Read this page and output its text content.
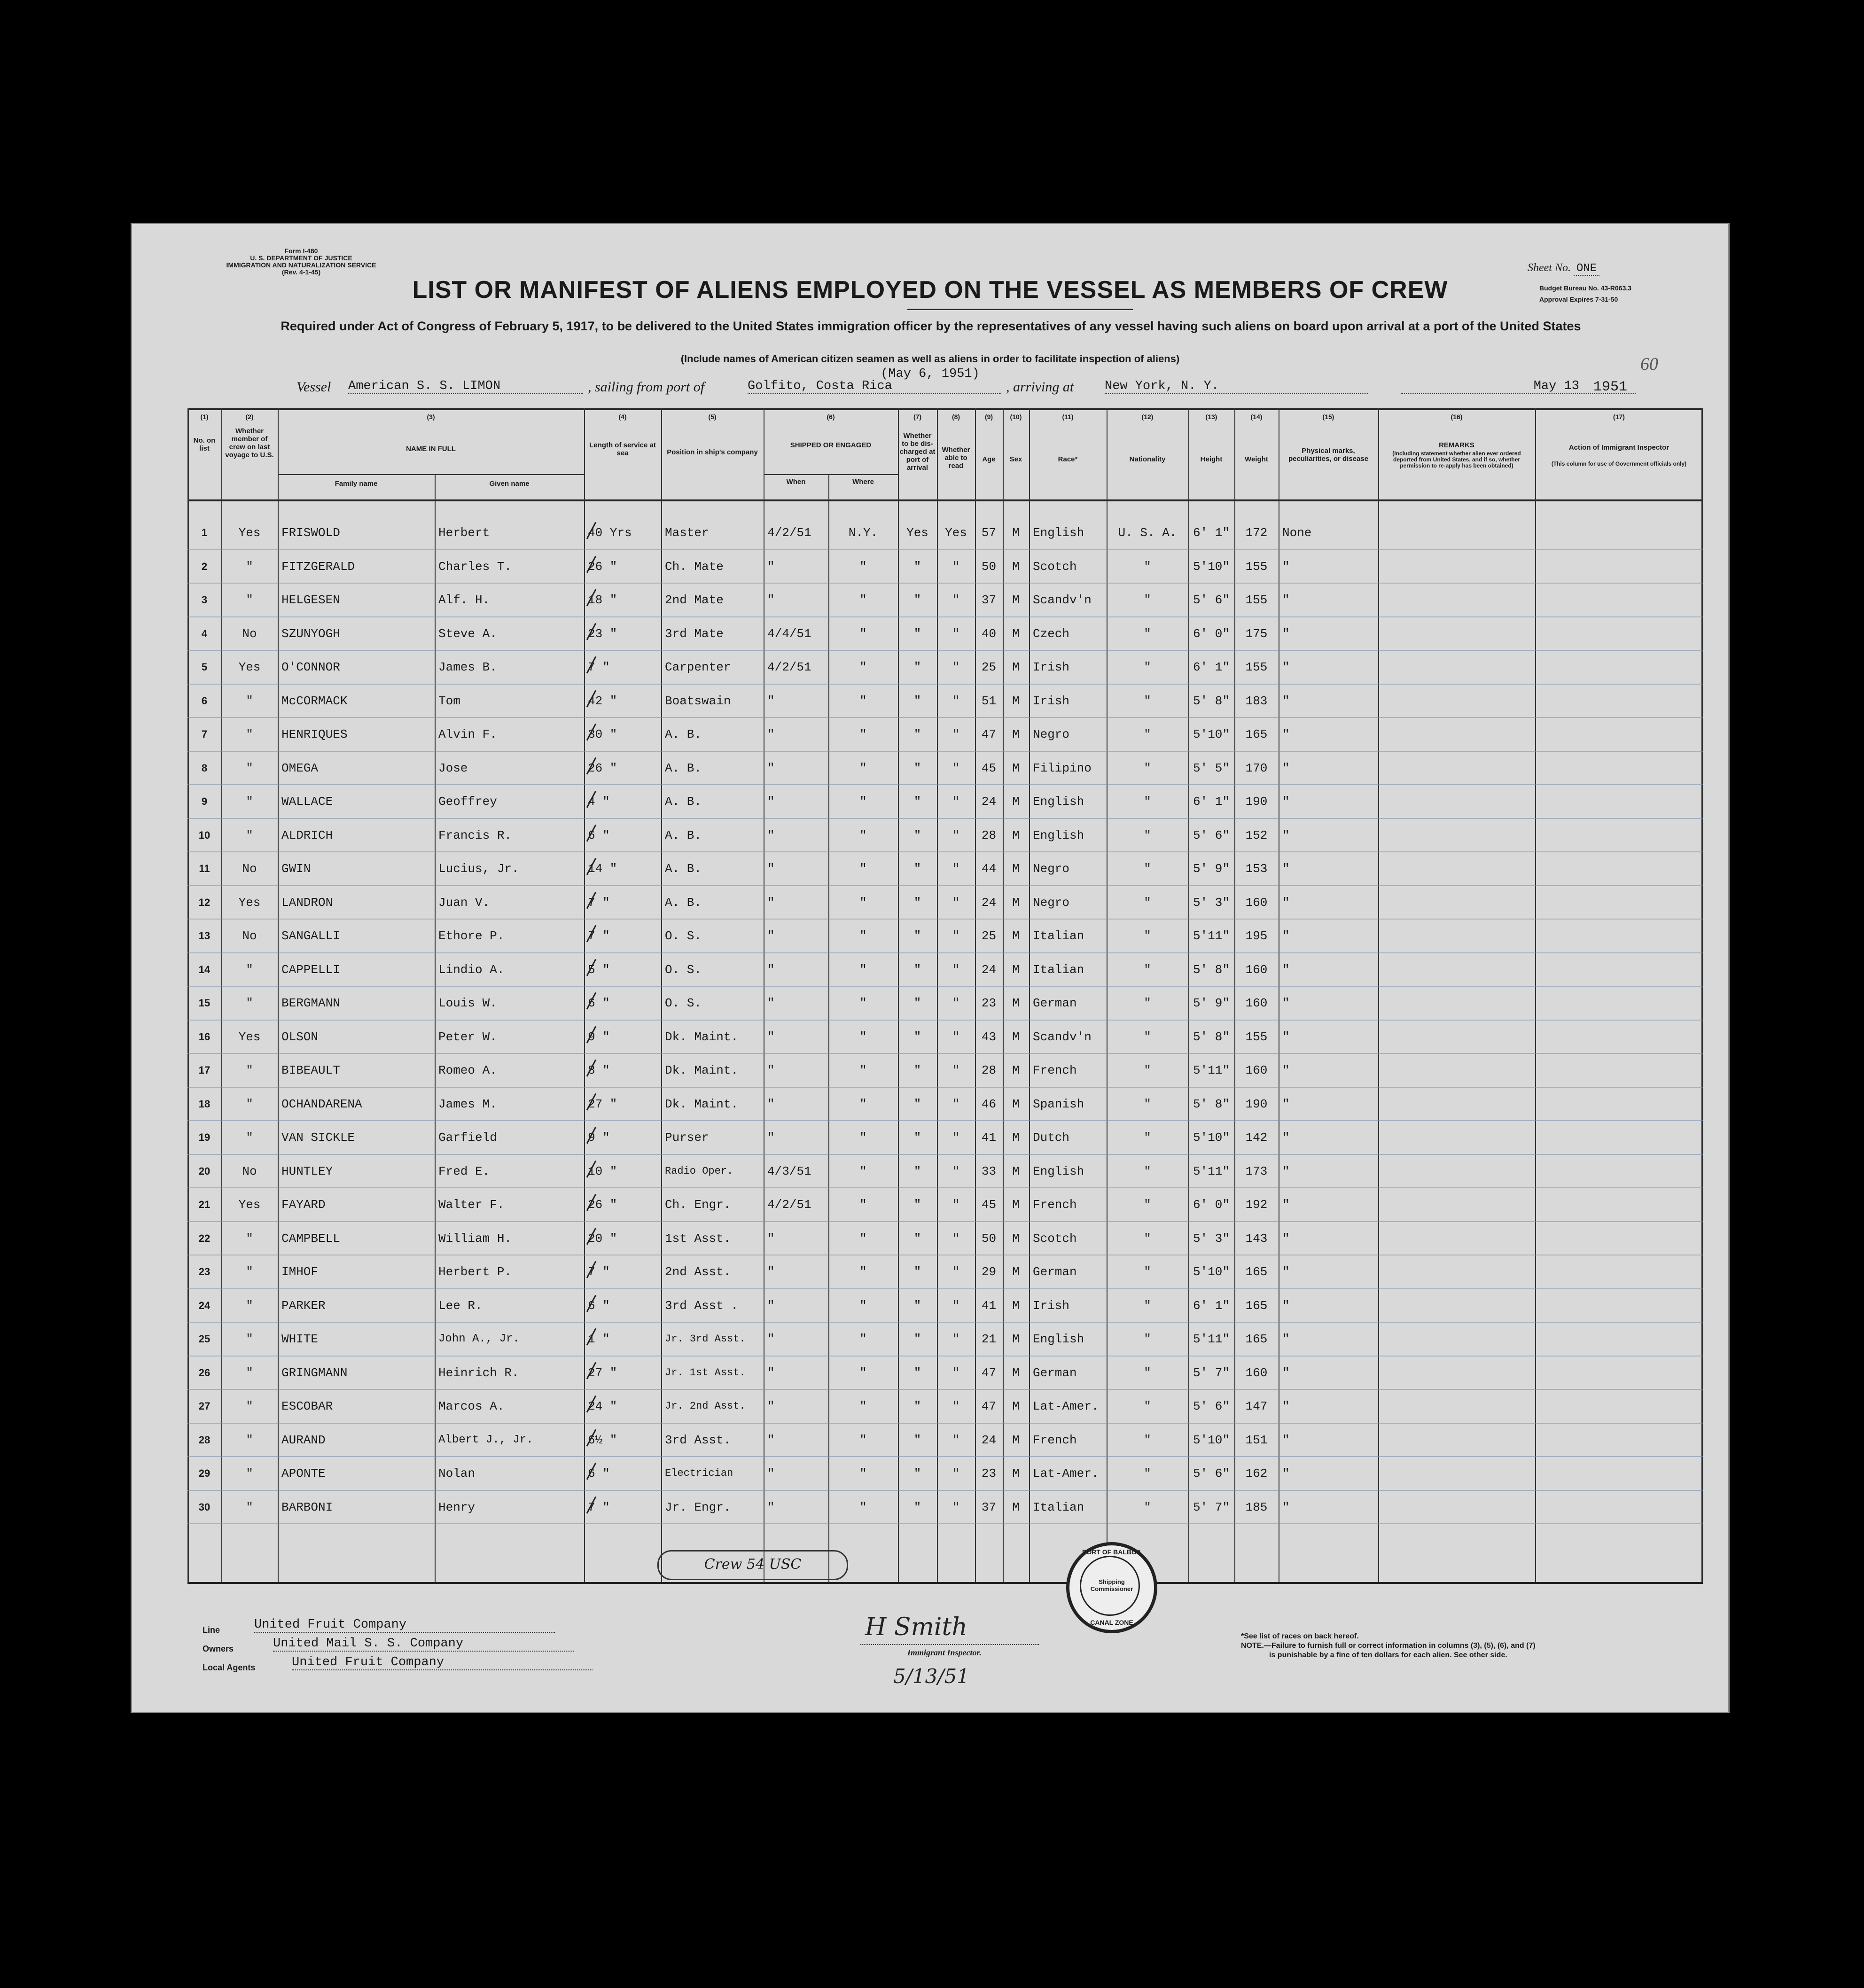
Form I-480
U. S. DEPARTMENT OF JUSTICE
IMMIGRATION AND NATURALIZATION SERVICE
(Rev. 4-1-45)
LIST OR MANIFEST OF ALIENS EMPLOYED ON THE VESSEL AS MEMBERS OF CREW
Sheet No. ONE
Budget Bureau No. 43-R063.3
Approval Expires 7-31-50
Required under Act of Congress of February 5, 1917, to be delivered to the United States immigration officer by the representatives of any vessel having such aliens on board upon arrival at a port of the United States
(Include names of American citizen seamen as well as aliens in order to facilitate inspection of aliens)
(May 6, 1951)	60
Vessel American S. S. LIMON	, sailing from port of	Golfito, Costa Rica	, arriving at New York, N. Y.	May 13	1951
(1)	(2)	(3)	(4)	(5)	(6)	(7)	(8)	(9)	(10)	(11)	(12)	(13)	(14)	(15)	(16)	(17)
No. on list
Whether member of crew on last voyage to U.S.
NAME IN FULL
Family name	Given name
Length of service at sea	Position in ship's company
SHIPPED OR ENGAGED
When	Where
Whether to be dis-charged at port of arrival
Whether able to read
Age	Sex	Race*	Nationality	Height	Weight
Physical marks, peculiarities, or disease
REMARKS
(Including statement whether alien ever ordered deported from United States, and if so, whether permission to re-apply has been obtained)
Action of Immigrant Inspector
(This column for use of Government officials only)
1	Yes	FRISWOLD	Herbert	40 Yrs	Master	4/2/51	N.Y.	Yes	Yes	57	M	English	U. S. A.	6' 1"	172	None
2	"	FITZGERALD	Charles T.	26 "	Ch. Mate	"	"	"	"	50	M	Scotch	"	5'10"	155	"
3	"	HELGESEN	Alf. H.	18 "	2nd Mate	"	"	"	"	37	M	Scandv'n	"	5' 6"	155	"
4	No	SZUNYOGH	Steve A.	23 "	3rd Mate	4/4/51	"	"	"	40	M	Czech	"	6' 0"	175	"
5	Yes	O'CONNOR	James B.	7 "	Carpenter	4/2/51	"	"	"	25	M	Irish	"	6' 1"	155	"
6	"	McCORMACK	Tom	42 "	Boatswain	"	"	"	"	51	M	Irish	"	5' 8"	183	"
7	"	HENRIQUES	Alvin F.	30 "	A. B.	"	"	"	"	47	M	Negro	"	5'10"	165	"
8	"	OMEGA	Jose	26 "	A. B.	"	"	"	"	45	M	Filipino	"	5' 5"	170	"
9	"	WALLACE	Geoffrey	4 "	A. B.	"	"	"	"	24	M	English	"	6' 1"	190	"
10	"	ALDRICH	Francis R.	6 "	A. B.	"	"	"	"	28	M	English	"	5' 6"	152	"
11	No	GWIN	Lucius, Jr.	14 "	A. B.	"	"	"	"	44	M	Negro	"	5' 9"	153	"
12	Yes	LANDRON	Juan V.	7 "	A. B.	"	"	"	"	24	M	Negro	"	5' 3"	160	"
13	No	SANGALLI	Ethore P.	7 "	O. S.	"	"	"	"	25	M	Italian	"	5'11"	195	"
14	"	CAPPELLI	Lindio A.	5 "	O. S.	"	"	"	"	24	M	Italian	"	5' 8"	160	"
15	"	BERGMANN	Louis W.	6 "	O. S.	"	"	"	"	23	M	German	"	5' 9"	160	"
16	Yes	OLSON	Peter W.	9 "	Dk. Maint.	"	"	"	"	43	M	Scandv'n	"	5' 8"	155	"
17	"	BIBEAULT	Romeo A.	8 "	Dk. Maint.	"	"	"	"	28	M	French	"	5'11"	160	"
18	"	OCHANDARENA	James M.	27 "	Dk. Maint.	"	"	"	"	46	M	Spanish	"	5' 8"	190	"
19	"	VAN SICKLE	Garfield	9 "	Purser	"	"	"	"	41	M	Dutch	"	5'10"	142	"
20	No	HUNTLEY	Fred E.	10 "	Radio Oper.	4/3/51	"	"	"	33	M	English	"	5'11"	173	"
21	Yes	FAYARD	Walter F.	26 "	Ch. Engr.	4/2/51	"	"	"	45	M	French	"	6' 0"	192	"
22	"	CAMPBELL	William H.	20 "	1st Asst.	"	"	"	"	50	M	Scotch	"	5' 3"	143	"
23	"	IMHOF	Herbert P.	7 "	2nd Asst.	"	"	"	"	29	M	German	"	5'10"	165	"
24	"	PARKER	Lee R.	6 "	3rd Asst .	"	"	"	"	41	M	Irish	"	6' 1"	165	"
25	"	WHITE	John A., Jr.	1 "	Jr. 3rd Asst.	"	"	"	"	21	M	English	"	5'11"	165	"
26	"	GRINGMANN	Heinrich R.	27 "	Jr. 1st Asst.	"	"	"	"	47	M	German	"	5' 7"	160	"
27	"	ESCOBAR	Marcos A.	24 "	Jr. 2nd Asst.	"	"	"	"	47	M	Lat-Amer.	"	5' 6"	147	"
28	"	AURAND	Albert J., Jr.	6½ "	3rd Asst.	"	"	"	"	24	M	French	"	5'10"	151	"
29	"	APONTE	Nolan	6 "	Electrician	"	"	"	"	23	M	Lat-Amer.	"	5' 6"	162	"
30	"	BARBONI	Henry	7 "	Jr. Engr.	"	"	"	"	37	M	Italian	"	5' 7"	185	"
Crew 54 USC
PORT OF BALBOA
Shipping Commissioner
CANAL ZONE
Line	United Fruit Company
Owners	United Mail S. S. Company
Local Agents	United Fruit Company
H Smith
Immigrant Inspector.
5/13/51
*See list of races on back hereof.
NOTE.—Failure to furnish full or correct information in columns (3), (5), (6), and (7)
is punishable by a fine of ten dollars for each alien. See other side.
